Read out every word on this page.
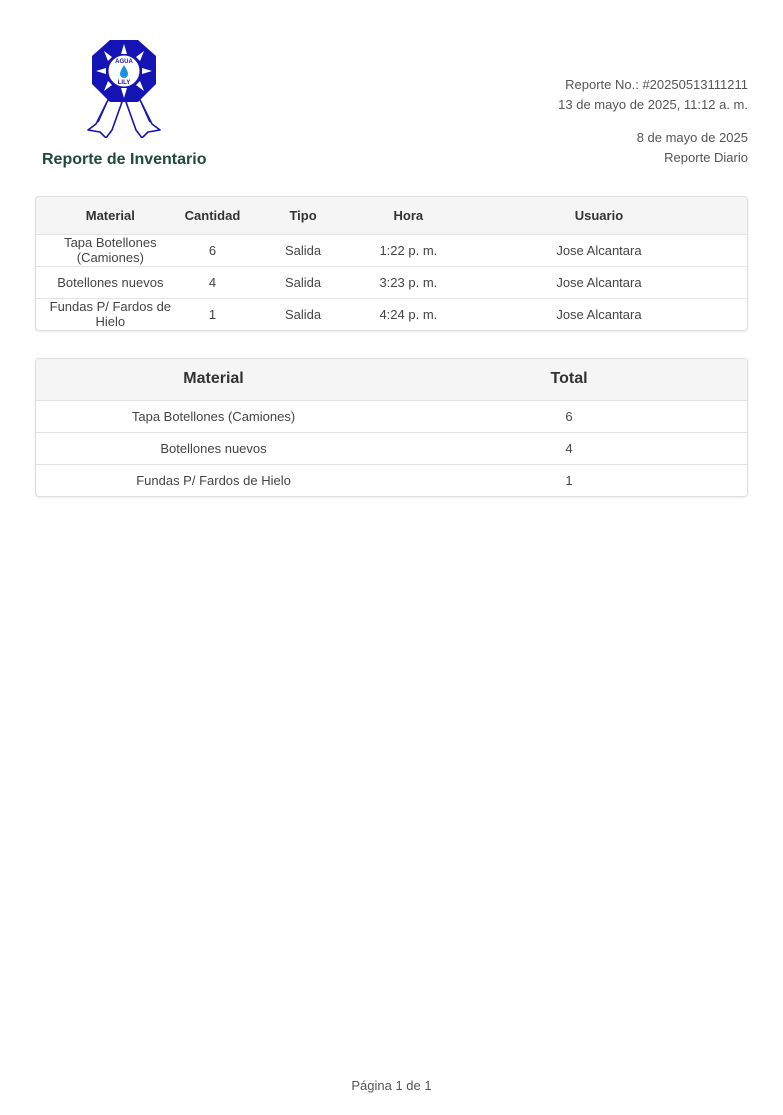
AGUA
LILY
Reporte de Inventario
Reporte No.: #20250513111211
13 de mayo de 2025, 11:12 a. m.
8 de mayo de 2025
Reporte Diario
Material	Cantidad	Tipo	Hora	Usuario
Tapa Botellones (Camiones)	6	Salida	1:22 p. m.	Jose Alcantara
Botellones nuevos	4	Salida	3:23 p. m.	Jose Alcantara
Fundas P/ Fardos de Hielo	1	Salida	4:24 p. m.	Jose Alcantara
Material	Total
Tapa Botellones (Camiones)	6
Botellones nuevos	4
Fundas P/ Fardos de Hielo	1
Página 1 de 1
